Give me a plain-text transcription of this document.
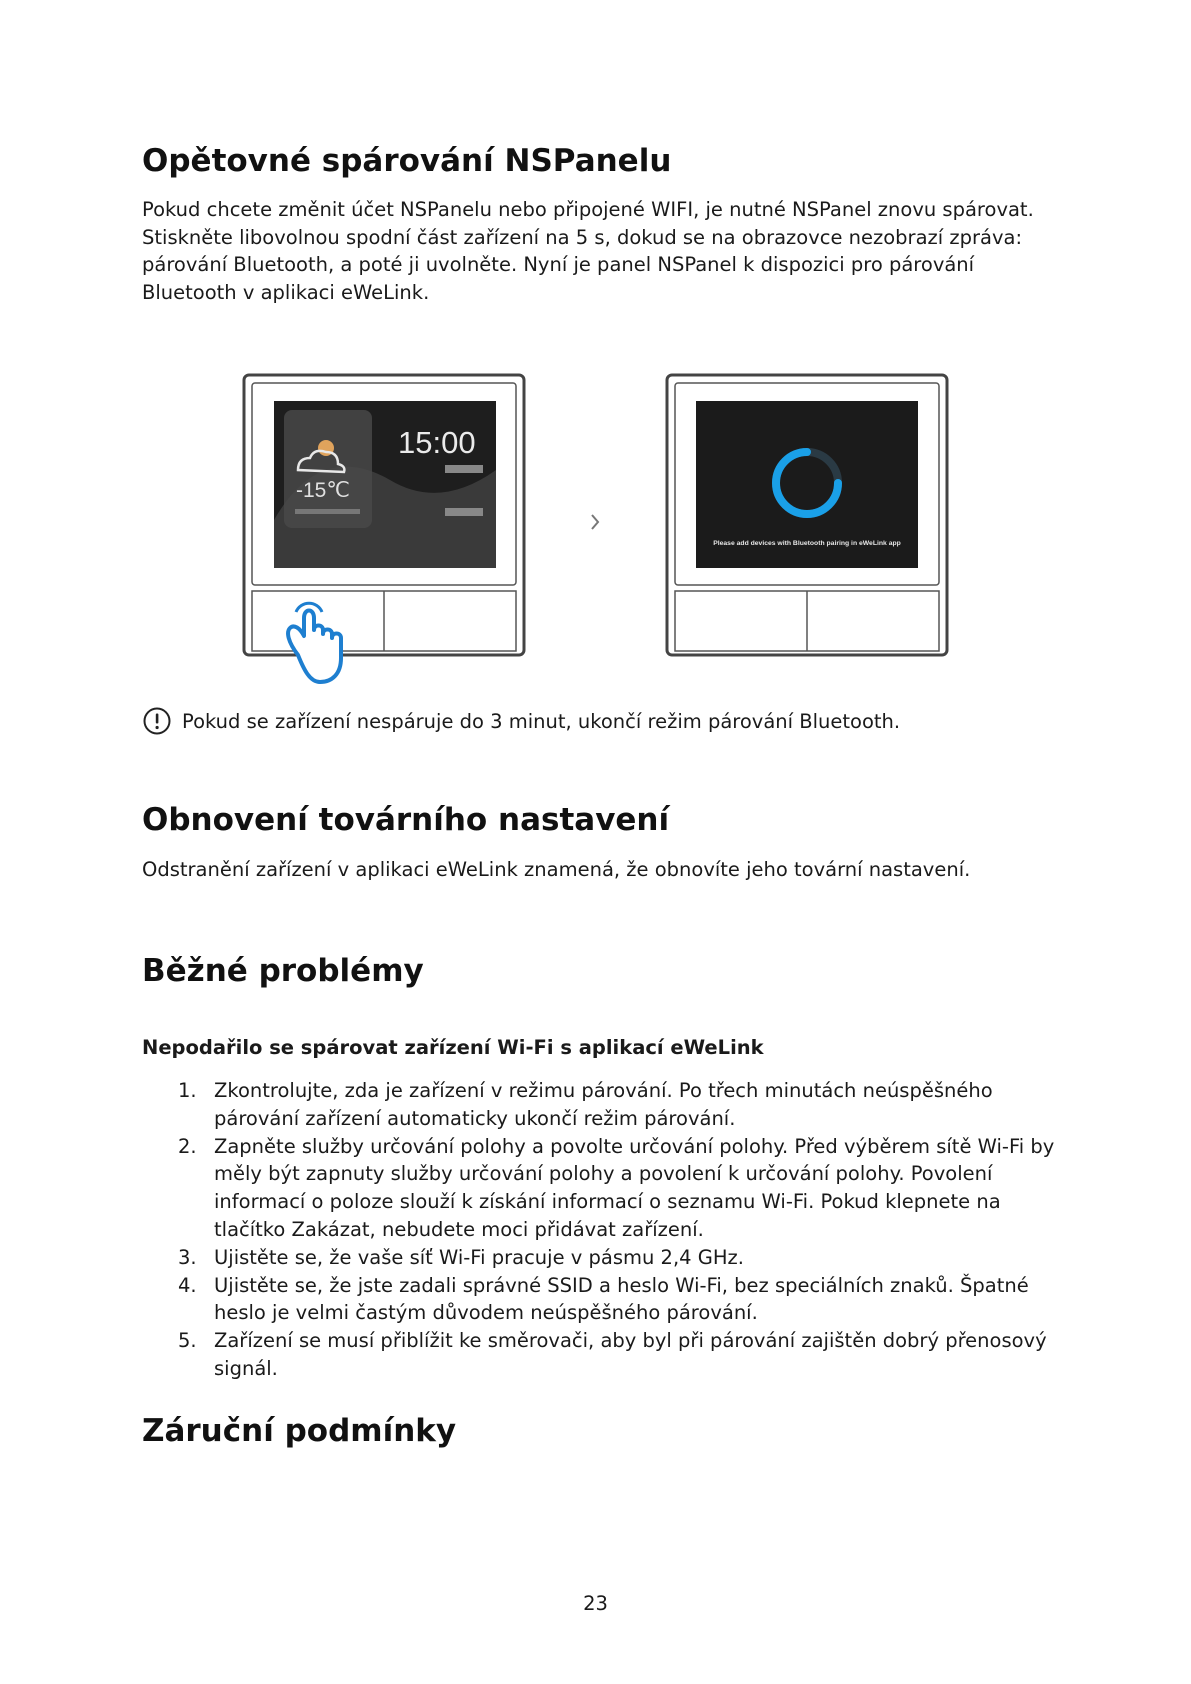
Opětovné spárování NSPanelu

Pokud chcete změnit účet NSPanelu nebo připojené WIFI, je nutné NSPanel znovu spárovat. Stiskněte libovolnou spodní část zařízení na 5 s, dokud se na obrazovce nezobrazí zpráva: párování Bluetooth, a poté ji uvolněte. Nyní je panel NSPanel k dispozici pro párování Bluetooth v aplikaci eWeLink.

-15℃
15:00
Please add devices with Bluetooth pairing in eWeLink app
Pokud se zařízení nespáruje do 3 minut, ukončí režim párování Bluetooth.
Obnovení továrního nastavení

Odstranění zařízení v aplikaci eWeLink znamená, že obnovíte jeho tovární nastavení.

Běžné problémy

Nepodařilo se spárovat zařízení Wi-Fi s aplikací eWeLink

1. Zkontrolujte, zda je zařízení v režimu párování. Po třech minutách neúspěšného párování zařízení automaticky ukončí režim párování.
2. Zapněte služby určování polohy a povolte určování polohy. Před výběrem sítě Wi-Fi by měly být zapnuty služby určování polohy a povolení k určování polohy. Povolení informací o poloze slouží k získání informací o seznamu Wi-Fi. Pokud klepnete na tlačítko Zakázat, nebudete moci přidávat zařízení.
3. Ujistěte se, že vaše síť Wi-Fi pracuje v pásmu 2,4 GHz.
4. Ujistěte se, že jste zadali správné SSID a heslo Wi-Fi, bez speciálních znaků. Špatné heslo je velmi častým důvodem neúspěšného párování.
5. Zařízení se musí přiblížit ke směrovači, aby byl při párování zajištěn dobrý přenosový signál.
Záruční podmínky
23
